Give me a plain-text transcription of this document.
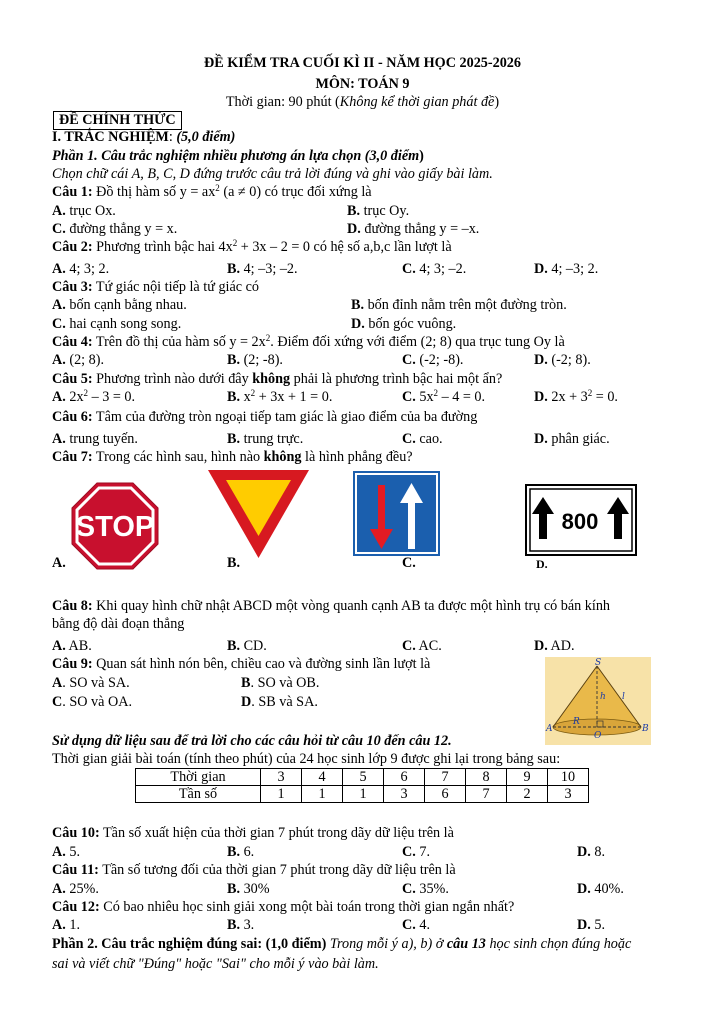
ĐỀ KIỂM TRA CUỐI KÌ II - NĂM HỌC 2025-2026
MÔN: TOÁN 9
Thời gian: 90 phút (Không kể thời gian phát đề)
ĐỀ CHÍNH THỨC
I. TRẮC NGHIỆM: (5,0 điểm)
Phần 1. Câu trắc nghiệm nhiều phương án lựa chọn (3,0 điểm)
Chọn chữ cái A, B, C, D đứng trước câu trả lời đúng và ghi vào giấy bài làm.
Câu 1: Đồ thị hàm số $y = ax^2$ (a ≠ 0) có trục đối xứng là
A. trục Ox.	B. trục Oy.
C. đường thẳng y = x.	D. đường thẳng y = –x.
Câu 2: Phương trình bậc hai $4x^2 + 3x - 2 = 0$ có hệ số a,b,c lần lượt là
A. 4; 3; 2.	B. 4; –3; –2.	C. 4; 3; –2.	D. 4; –3; 2.
Câu 3: Tứ giác nội tiếp là tứ giác có
A. bốn cạnh bằng nhau.	B. bốn đỉnh nằm trên một đường tròn.
C. hai cạnh song song.	D. bốn góc vuông.
Câu 4: Trên đồ thị của hàm số $y = 2x^2$. Điểm đối xứng với điểm (2; 8) qua trục tung Oy là
A. (2; 8).	B. (2; -8).	C. (-2; -8).	D. (-2; 8).
Câu 5: Phương trình nào dưới đây không phải là phương trình bậc hai một ẩn?
A. $2x^2 - 3 = 0$.	B. $x^2 + 3x + 1 = 0$.	C. $5x^2 - 4 = 0$.	D. $2x + 3^2 = 0$.
Câu 6: Tâm của đường tròn ngoại tiếp tam giác là giao điểm của ba đường
A. trung tuyến.	B. trung trực.	C. cao.	D. phân giác.
Câu 7: Trong các hình sau, hình nào không là hình phẳng đều?
STOP	800
A.	B.	C.	D.
Câu 8: Khi quay hình chữ nhật ABCD một vòng quanh cạnh AB ta được một hình trụ có bán kính
bằng độ dài đoạn thẳng
A. AB.	B. CD.	C. AC.	D. AD.
Câu 9: Quan sát hình nón bên, chiều cao và đường sinh lần lượt là
A. SO và SA.	B. SO và OB.
C. SO và OA.	D. SB và SA.
S
h l
R
A
O
B
Sử dụng dữ liệu sau để trả lời cho các câu hỏi từ câu 10 đến câu 12.
Thời gian giải bài toán (tính theo phút) của 24 học sinh lớp 9 được ghi lại trong bảng sau:
Thời gian	3	4	5	6	7	8	9	10
Tần số	1	1	1	3	6	7	2	3
Câu 10: Tần số xuất hiện của thời gian 7 phút trong dãy dữ liệu trên là
A. 5.	B. 6.	C. 7.	D. 8.
Câu 11: Tần số tương đối của thời gian 7 phút trong dãy dữ liệu trên là
A. 25%.	B. 30%	C. 35%.	D. 40%.
Câu 12: Có bao nhiêu học sinh giải xong một bài toán trong thời gian ngắn nhất?
A. 1.	B. 3.	C. 4.	D. 5.
Phần 2. Câu trắc nghiệm đúng sai: (1,0 điểm) Trong mỗi ý a), b) ở câu 13 học sinh chọn đúng hoặc
sai và viết chữ "Đúng" hoặc "Sai" cho mỗi ý vào bài làm.
